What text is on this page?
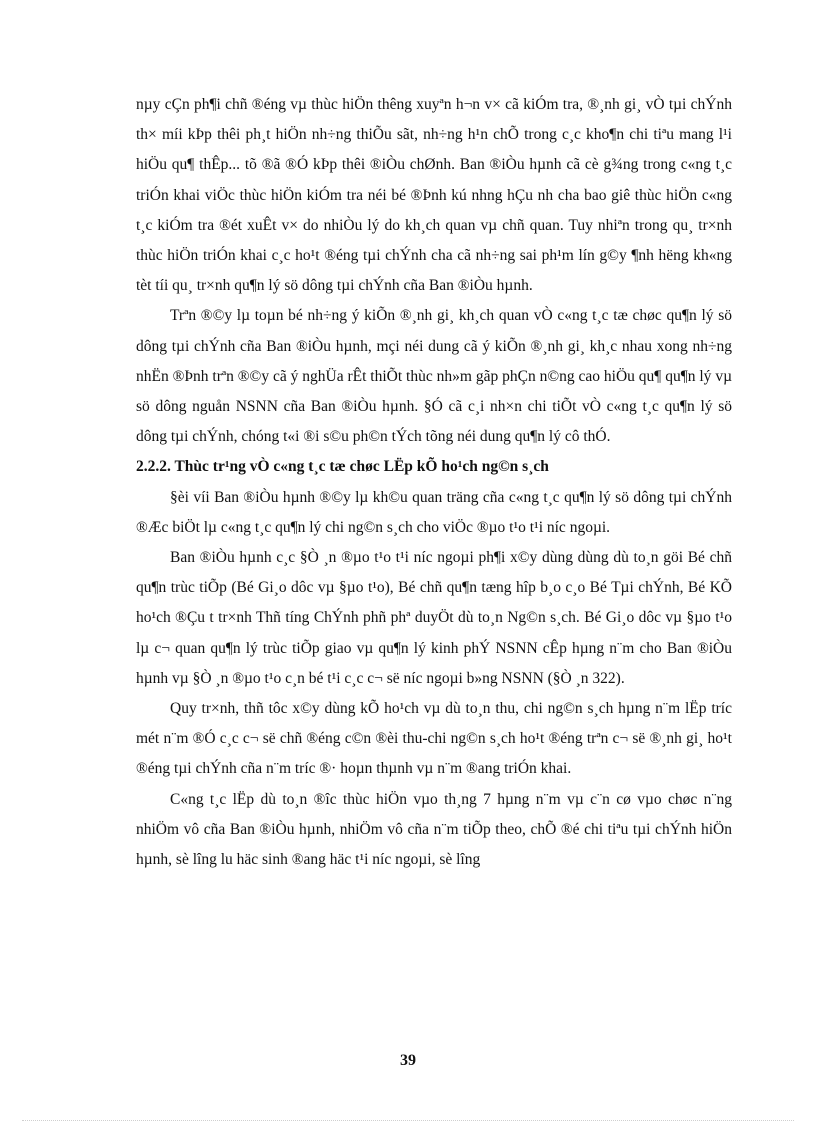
nµy cÇn ph¶i chñ ®éng vµ thùc hiÖn thêng xuyªn h¬n v× cã kiÓm tra, ®¸nh gi¸ vÒ tµi chÝnh th× míi kÞp thêi ph¸t hiÖn nh÷ng thiÕu sãt, nh÷ng h¹n chÕ trong c¸c kho¶n chi tiªu mang l¹i hiÖu qu¶ thÊp... tõ ®ã ®Ó kÞp thêi ®iÒu chØnh. Ban ®iÒu hµnh cã cè g¾ng trong c«ng t¸c triÓn khai viÖc thùc hiÖn kiÓm tra néi bé ®Þnh kú nhng hÇu nh cha bao giê thùc hiÖn c«ng t¸c kiÓm tra ®ét xuÊt v× do nhiÒu lý do kh¸ch quan vµ chñ quan. Tuy nhiªn trong qu¸ tr×nh thùc hiÖn triÓn khai c¸c ho¹t ®éng tµi chÝnh cha cã nh÷ng sai ph¹m lín g©y ¶nh hëng kh«ng tèt tíi qu¸ tr×nh qu¶n lý sö dông tµi chÝnh cña Ban ®iÒu hµnh.

Trªn ®©y lµ toµn bé nh÷ng ý kiÕn ®¸nh gi¸ kh¸ch quan vÒ c«ng t¸c tæ chøc qu¶n lý sö dông tµi chÝnh cña Ban ®iÒu hµnh, mçi néi dung cã ý kiÕn ®¸nh gi¸ kh¸c nhau xong nh÷ng nhËn ®Þnh trªn ®©y cã ý nghÜa rÊt thiÕt thùc nh»m gãp phÇn n©ng cao hiÖu qu¶ qu¶n lý vµ sö dông nguån NSNN cña Ban ®iÒu hµnh. §Ó cã c¸i nh×n chi tiÕt vÒ c«ng t¸c qu¶n lý sö dông tµi chÝnh, chóng t«i ®i s©u ph©n tÝch tõng néi dung qu¶n lý cô thÓ.

2.2.2. Thùc tr¹ng vÒ c«ng t¸c tæ chøc LËp kÕ ho¹ch ng©n s¸ch

§èi víi Ban ®iÒu hµnh ®©y lµ kh©u quan träng cña c«ng t¸c qu¶n lý sö dông tµi chÝnh ®Æc biÖt lµ c«ng t¸c qu¶n lý chi ng©n s¸ch cho viÖc ®µo t¹o t¹i níc ngoµi.

Ban ®iÒu hµnh c¸c §Ò ¸n ®µo t¹o t¹i níc ngoµi ph¶i x©y dùng dùng dù to¸n göi Bé chñ qu¶n trùc tiÕp (Bé Gi¸o dôc vµ §µo t¹o), Bé chñ qu¶n tæng hîp b¸o c¸o Bé Tµi chÝnh, Bé KÕ ho¹ch ®Çu t tr×nh Thñ tíng ChÝnh phñ phª duyÖt dù to¸n Ng©n s¸ch. Bé Gi¸o dôc vµ §µo t¹o lµ c¬ quan qu¶n lý trùc tiÕp giao vµ qu¶n lý kinh phÝ NSNN cÊp hµng n¨m cho Ban ®iÒu hµnh vµ §Ò ¸n ®µo t¹o c¸n bé t¹i c¸c c¬ së níc ngoµi b»ng NSNN (§Ò ¸n 322).

Quy tr×nh, thñ tôc x©y dùng kÕ ho¹ch vµ dù to¸n thu, chi ng©n s¸ch hµng n¨m lËp tríc mét n¨m ®Ó c¸c c¬ së chñ ®éng c©n ®èi thu-chi ng©n s¸ch ho¹t ®éng trªn c¬ së ®¸nh gi¸ ho¹t ®éng tµi chÝnh cña n¨m tríc ®· hoµn thµnh vµ n¨m ®ang triÓn khai.

C«ng t¸c lËp dù to¸n ®îc thùc hiÖn vµo th¸ng 7 hµng n¨m vµ c¨n cø vµo chøc n¨ng nhiÖm vô cña Ban ®iÒu hµnh, nhiÖm vô cña n¨m tiÕp theo, chÕ ®é chi tiªu tµi chÝnh hiÖn hµnh, sè lîng lu häc sinh ®ang häc t¹i níc ngoµi, sè lîng

39
